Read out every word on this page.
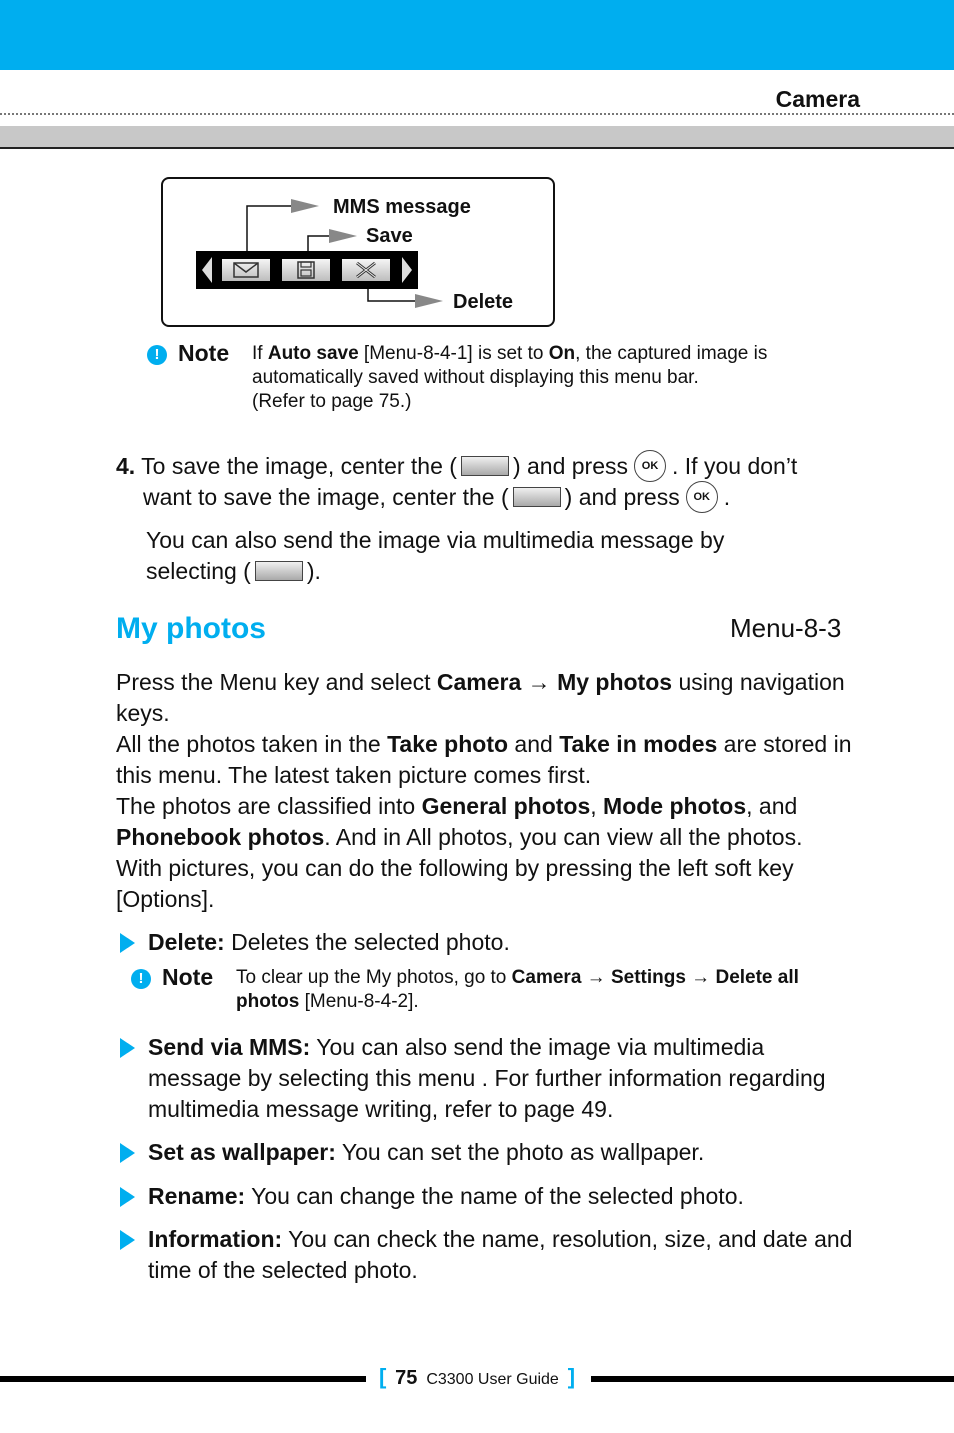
Camera
MMS message
Save
Delete
! Note If Auto save [Menu-8-4-1] is set to On, the captured image is automatically saved without displaying this menu bar.
(Refer to page 75.)
4. To save the image, center the ( ) and press OK . If you don’t
want to save the image, center the ( ) and press OK .
You can also send the image via multimedia message by
selecting ( ).
My photos	Menu-8-3
Press the Menu key and select Camera → My photos using navigation keys.
All the photos taken in the Take photo and Take in modes are stored in this menu. The latest taken picture comes first.
The photos are classified into General photos, Mode photos, and Phonebook photos. And in All photos, you can view all the photos.
With pictures, you can do the following by pressing the left soft key [Options].
Delete: Deletes the selected photo.
! Note To clear up the My photos, go to Camera → Settings → Delete all photos [Menu-8-4-2].
Send via MMS: You can also send the image via multimedia message by selecting this menu . For further information regarding multimedia message writing, refer to page 49.
Set as wallpaper: You can set the photo as wallpaper.
Rename: You can change the name of the selected photo.
Information: You can check the name, resolution, size, and date and time of the selected photo.
[ 75 C3300 User Guide ]
